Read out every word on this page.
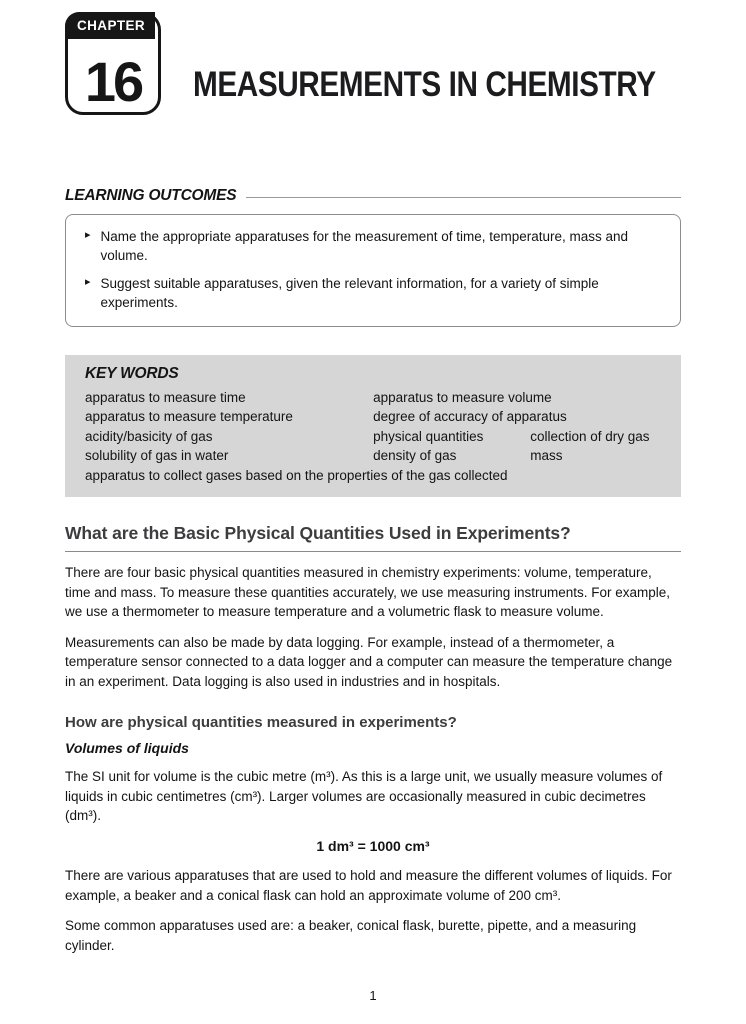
CHAPTER
16	MEASUREMENTS IN CHEMISTRY
LEARNING OUTCOMES
▸ Name the appropriate apparatuses for the measurement of time, temperature, mass and volume.
▸ Suggest suitable apparatuses, given the relevant information, for a variety of simple experiments.
KEY WORDS
apparatus to measure time	apparatus to measure volume
apparatus to measure temperature	degree of accuracy of apparatus
acidity/basicity of gas	physical quantities	collection of dry gas
solubility of gas in water	density of gas	mass
apparatus to collect gases based on the properties of the gas collected
What are the Basic Physical Quantities Used in Experiments?

There are four basic physical quantities measured in chemistry experiments: volume, temperature, time and mass. To measure these quantities accurately, we use measuring instruments. For example, we use a thermometer to measure temperature and a volumetric flask to measure volume.

Measurements can also be made by data logging. For example, instead of a thermometer, a temperature sensor connected to a data logger and a computer can measure the temperature change in an experiment. Data logging is also used in industries and in hospitals.

How are physical quantities measured in experiments?
Volumes of liquids

The SI unit for volume is the cubic metre (m³). As this is a large unit, we usually measure volumes of liquids in cubic centimetres (cm³). Larger volumes are occasionally measured in cubic decimetres (dm³).

1 dm³ = 1000 cm³

There are various apparatuses that are used to hold and measure the different volumes of liquids. For example, a beaker and a conical flask can hold an approximate volume of 200 cm³.

Some common apparatuses used are: a beaker, conical flask, burette, pipette, and a measuring cylinder.

1
